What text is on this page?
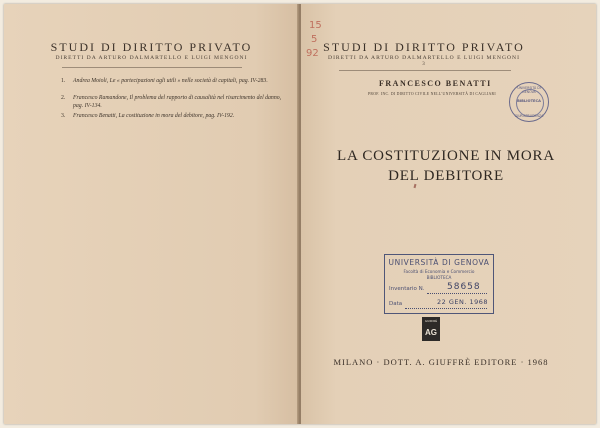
STUDI DI DIRITTO PRIVATO
DIRETTI DA ARTURO DALMARTELLO E LUIGI MENGONI
1. Andrea Moioli, Le « partecipazioni agli utili » nelle società di capitali, pag. IV-283.
2. Francesco Ramandone, Il problema del rapporto di causalità nel risarcimento del danno, pag. IV-134.
3. Francesco Benatti, La costituzione in mora del debitore, pag. IV-192.
15
5
92 STUDI DI DIRITTO PRIVATO
DIRETTI DA ARTURO DALMARTELLO E LUIGI MENGONI
3
FRANCESCO BENATTI
PROF. INC. DI DIRITTO CIVILE NELL'UNIVERSITÀ DI CAGLIARI
UNIVERSITÀ DI GENOVA
BIBLIOTECA
GIURISPRUDENZA
LA COSTITUZIONE IN MORA
DEL DEBITORE
UNIVERSITÀ DI GENOVA
Facoltà di Economia e Commercio
BIBLIOTECA
Inventario N. 58658
Data	22 GEN. 1968
GIUFFRÈ
AG
MILANO · DOTT. A. GIUFFRÈ EDITORE · 1968
